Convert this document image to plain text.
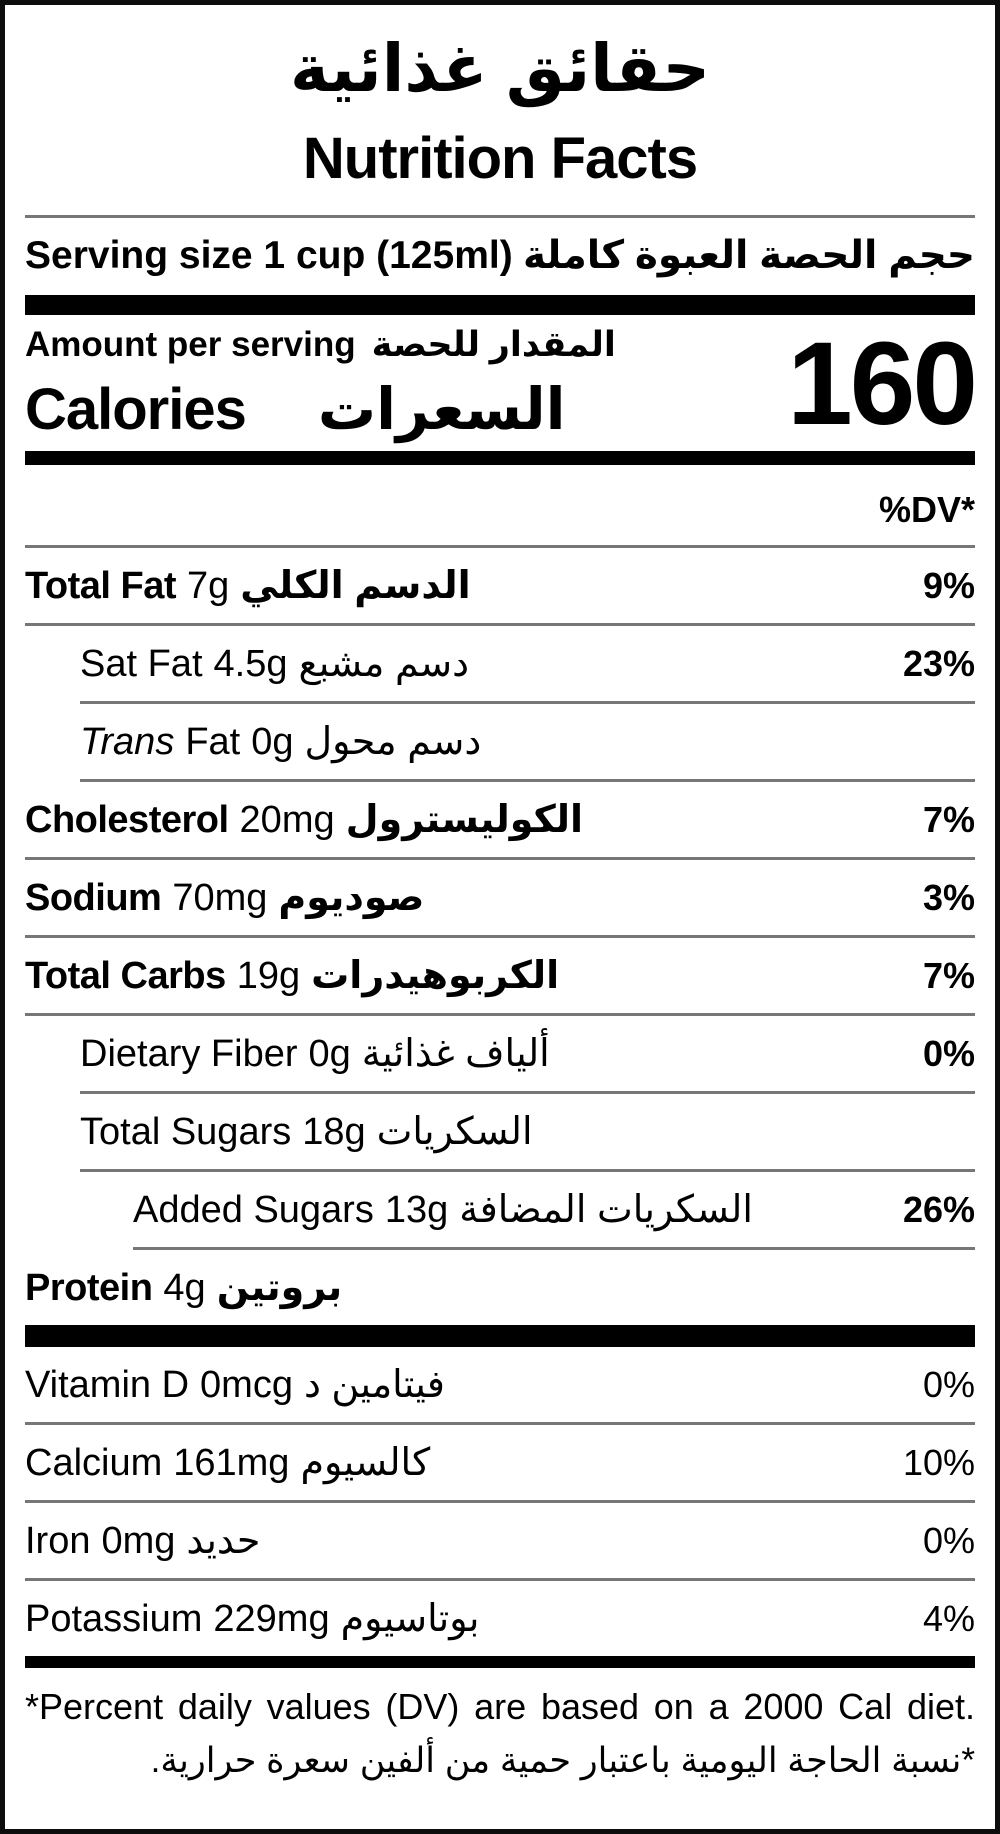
حقائق غذائية
Nutrition Facts
Serving size 1 cup (125ml) حجم الحصة العبوة كاملة
Amount per serving المقدار للحصة
Calories السعرات 160
%DV*
Total Fat 7g الدسم الكلي	9%
Sat Fat 4.5g دسم مشبع	23%
Trans Fat 0g دسم محول
Cholesterol 20mg الكوليسترول	7%
Sodium 70mg صوديوم	3%
Total Carbs 19g الكربوهيدرات	7%
Dietary Fiber 0g ألياف غذائية	0%
Total Sugars 18g السكريات
Added Sugars 13g السكريات المضافة	26%
Protein 4g بروتين
Vitamin D 0mcg فيتامين د	0%
Calcium 161mg كالسيوم	10%
Iron 0mg حديد	0%
Potassium 229mg بوتاسيوم	4%
*Percent daily values (DV) are based on a 2000 Cal diet.
*نسبة الحاجة اليومية باعتبار حمية من ألفين سعرة حرارية.
